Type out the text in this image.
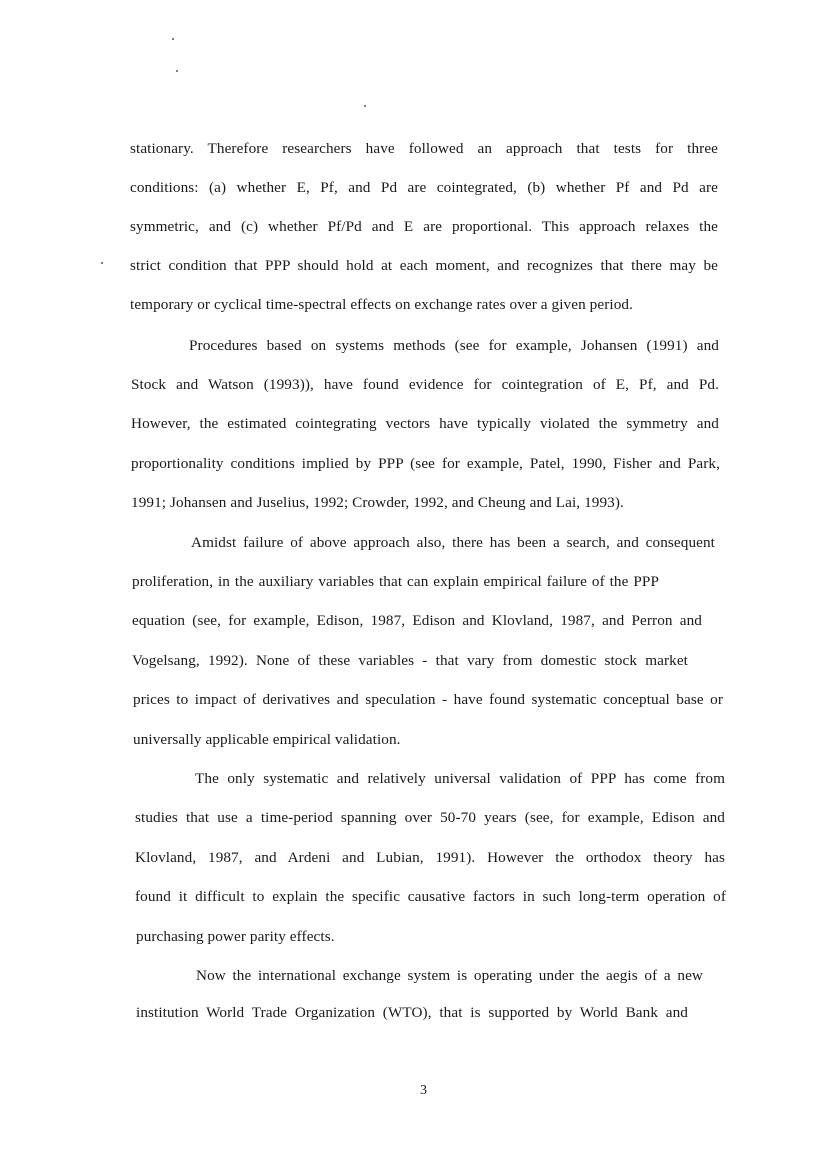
stationary. Therefore researchers have followed an approach that tests for three
conditions: (a) whether E, Pf, and Pd are cointegrated, (b) whether Pf and Pd are
symmetric, and (c) whether Pf/Pd and E are proportional. This approach relaxes the
strict condition that PPP should hold at each moment, and recognizes that there may be
temporary or cyclical time-spectral effects on exchange rates over a given period.
Procedures based on systems methods (see for example, Johansen (1991) and
Stock and Watson (1993)), have found evidence for cointegration of E, Pf, and Pd.
However, the estimated cointegrating vectors have typically violated the symmetry and
proportionality conditions implied by PPP (see for example, Patel, 1990, Fisher and Park,
1991; Johansen and Juselius, 1992; Crowder, 1992, and Cheung and Lai, 1993).
Amidst failure of above approach also, there has been a search, and consequent
proliferation, in the auxiliary variables that can explain empirical failure of the PPP
equation (see, for example, Edison, 1987, Edison and Klovland, 1987, and Perron and
Vogelsang, 1992). None of these variables - that vary from domestic stock market
prices to impact of derivatives and speculation - have found systematic conceptual base or
universally applicable empirical validation.
The only systematic and relatively universal validation of PPP has come from
studies that use a time-period spanning over 50-70 years (see, for example, Edison and
Klovland, 1987, and Ardeni and Lubian, 1991). However the orthodox theory has
found it difficult to explain the specific causative factors in such long-term operation of
purchasing power parity effects.
Now the international exchange system is operating under the aegis of a new
institution World Trade Organization (WTO), that is supported by World Bank and
3
